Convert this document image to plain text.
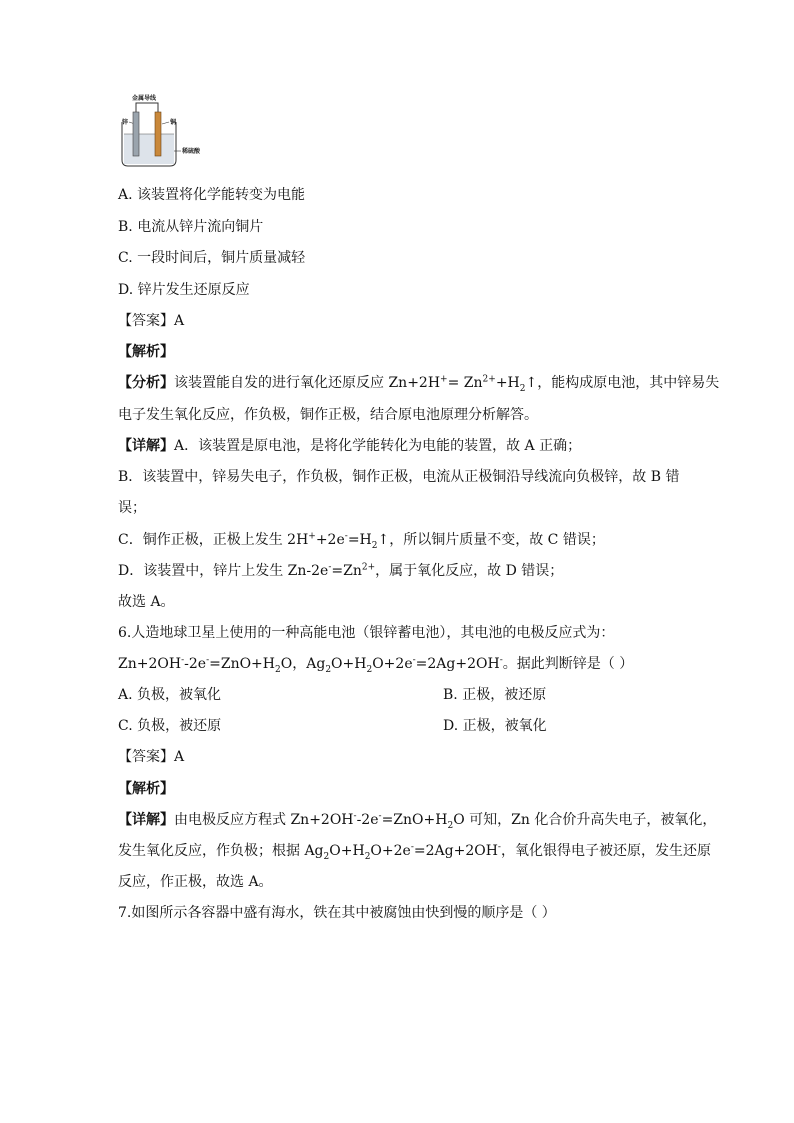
金属导线
锌	铜
稀硫酸
A. 该装置将化学能转变为电能
B. 电流从锌片流向铜片
C. 一段时间后，铜片质量减轻
D. 锌片发生还原反应
【答案】A
【解析】
【分析】该装置能自发的进行氧化还原反应 $Zn+2H^+= Zn^{2+}+H_2↑$，能构成原电池，其中锌易失
电子发生氧化反应，作负极，铜作正极，结合原电池原理分析解答。
【详解】A．该装置是原电池，是将化学能转化为电能的装置，故 A 正确；
B．该装置中，锌易失电子，作负极，铜作正极，电流从正极铜沿导线流向负极锌，故 B 错
误；
C．铜作正极，正极上发生 $2H^++2e^-=H_2↑$，所以铜片质量不变，故 C 错误；
D．该装置中，锌片上发生 $Zn-2e^-=Zn^{2+}$，属于氧化反应，故 D 错误；
故选 A。
6.人造地球卫星上使用的一种高能电池（银锌蓄电池），其电池的电极反应式为：
$Zn+2OH^--2e^-=ZnO+H_2O$，$Ag_2O+H_2O+2e^-=2Ag+2OH^-$。据此判断锌是（ ）
A. 负极，被氧化	B. 正极，被还原
C. 负极，被还原	D. 正极，被氧化
【答案】A
【解析】
【详解】由电极反应方程式 $Zn+2OH^--2e^-=ZnO+H_2O$ 可知，Zn 化合价升高失电子，被氧化，
发生氧化反应，作负极；根据 $Ag_2O+H_2O+2e^-=2Ag+2OH^-$，氧化银得电子被还原，发生还原
反应，作正极，故选 A。
7.如图所示各容器中盛有海水，铁在其中被腐蚀由快到慢的顺序是（ ）
